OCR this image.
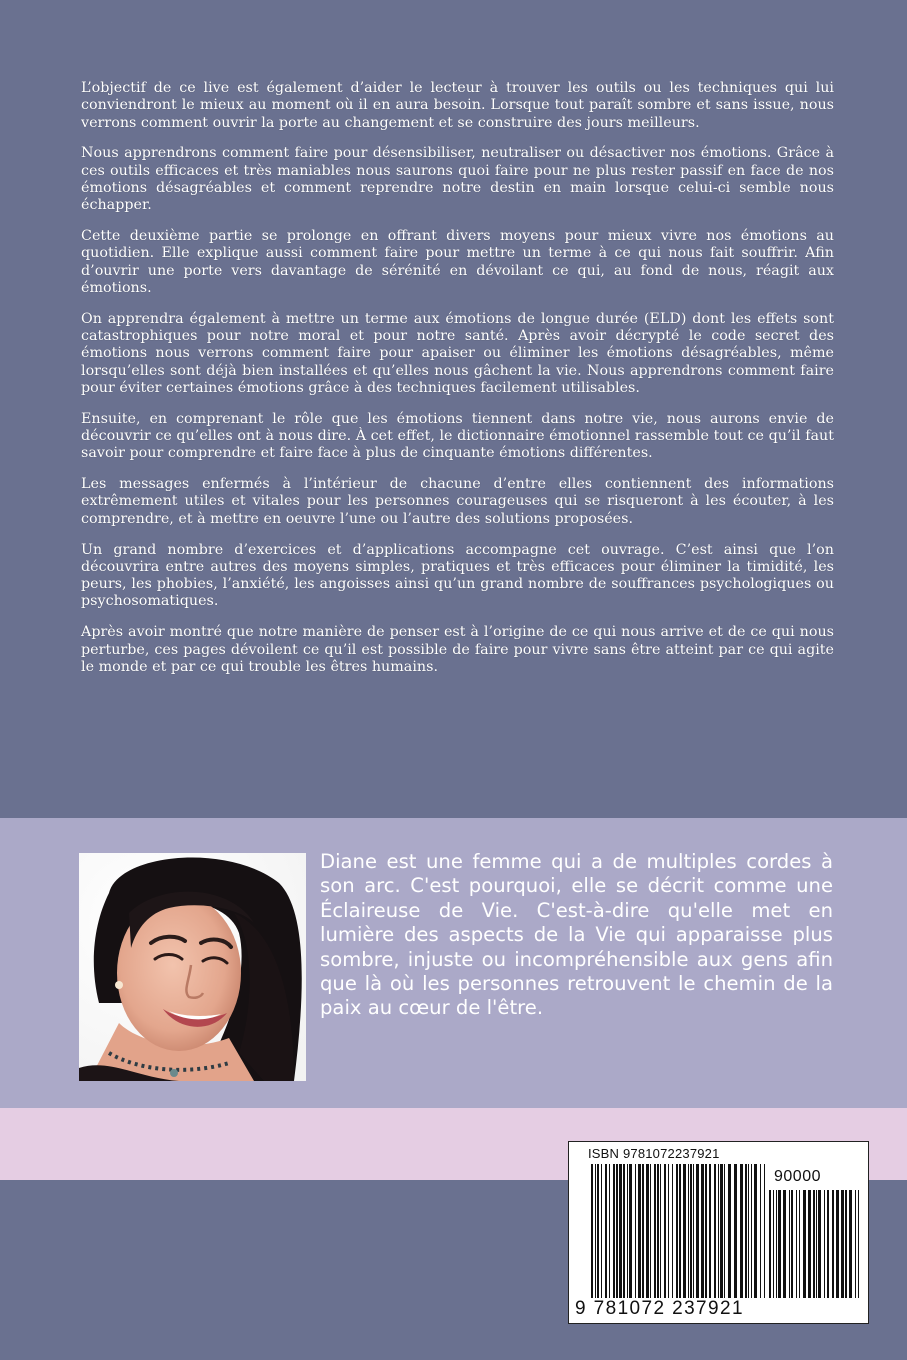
L’objectif de ce live est également d’aider le lecteur à trouver les outils ou les techniques qui lui conviendront le mieux au moment où il en aura besoin. Lorsque tout paraît sombre et sans issue, nous verrons comment ouvrir la porte au changement et se construire des jours meilleurs.

Nous apprendrons comment faire pour désensibiliser, neutraliser ou désactiver nos émotions. Grâce à ces outils efficaces et très maniables nous saurons quoi faire pour ne plus rester passif en face de nos émotions désagréables et comment reprendre notre destin en main lorsque celui-ci semble nous échapper.

Cette deuxième partie se prolonge en offrant divers moyens pour mieux vivre nos émotions au quotidien. Elle explique aussi comment faire pour mettre un terme à ce qui nous fait souffrir. Afin d’ouvrir une porte vers davantage de sérénité en dévoilant ce qui, au fond de nous, réagit aux émotions.

On apprendra également à mettre un terme aux émotions de longue durée (ELD) dont les effets sont catastrophiques pour notre moral et pour notre santé. Après avoir décrypté le code secret des émotions nous verrons comment faire pour apaiser ou éliminer les émotions désagréables, même lorsqu’elles sont déjà bien installées et qu’elles nous gâchent la vie. Nous apprendrons comment faire pour éviter certaines émotions grâce à des techniques facilement utilisables.

Ensuite, en comprenant le rôle que les émotions tiennent dans notre vie, nous aurons envie de découvrir ce qu’elles ont à nous dire. À cet effet, le dictionnaire émotionnel rassemble tout ce qu’il faut savoir pour comprendre et faire face à plus de cinquante émotions différentes.

Les messages enfermés à l’intérieur de chacune d’entre elles contiennent des informations extrêmement utiles et vitales pour les personnes courageuses qui se risqueront à les écouter, à les comprendre, et à mettre en oeuvre l’une ou l’autre des solutions proposées.

Un grand nombre d’exercices et d’applications accompagne cet ouvrage. C’est ainsi que l’on découvrira entre autres des moyens simples, pratiques et très efficaces pour éliminer la timidité, les peurs, les phobies, l’anxiété, les angoisses ainsi qu’un grand nombre de souffrances psychologiques ou psychosomatiques.

Après avoir montré que notre manière de penser est à l’origine de ce qui nous arrive et de ce qui nous perturbe, ces pages dévoilent ce qu’il est possible de faire pour vivre sans être atteint par ce qui agite le monde et par ce qui trouble les êtres humains.

Diane est une femme qui a de multiples cordes à son arc. C'est pourquoi, elle se décrit comme une Éclaireuse de Vie. C'est-à-dire qu'elle met en lumière des aspects de la Vie qui apparaisse plus sombre, injuste ou incompréhensible aux gens afin que là où les personnes retrouvent le chemin de la paix au cœur de l'être.

ISBN 9781072237921
90000
9 781072 237921
